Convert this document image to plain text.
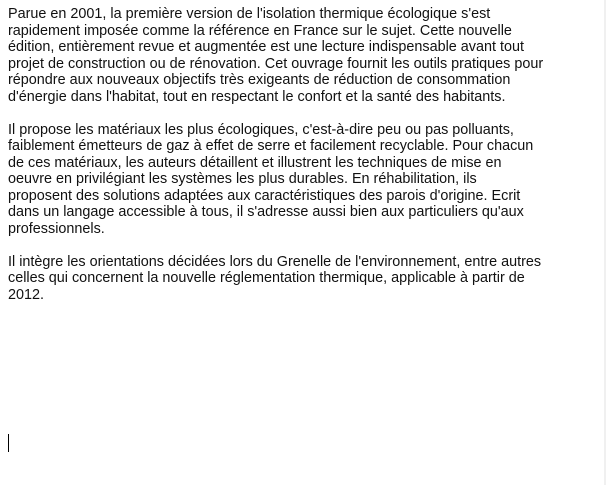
Parue en 2001, la première version de l'isolation thermique écologique s'est
rapidement imposée comme la référence en France sur le sujet. Cette nouvelle
édition, entièrement revue et augmentée est une lecture indispensable avant tout
projet de construction ou de rénovation. Cet ouvrage fournit les outils pratiques pour
répondre aux nouveaux objectifs très exigeants de réduction de consommation
d'énergie dans l'habitat, tout en respectant le confort et la santé des habitants.

Il propose les matériaux les plus écologiques, c'est-à-dire peu ou pas polluants,
faiblement émetteurs de gaz à effet de serre et facilement recyclable. Pour chacun
de ces matériaux, les auteurs détaillent et illustrent les techniques de mise en
oeuvre en privilégiant les systèmes les plus durables. En réhabilitation, ils
proposent des solutions adaptées aux caractéristiques des parois d'origine. Ecrit
dans un langage accessible à tous, il s'adresse aussi bien aux particuliers qu'aux
professionnels.

Il intègre les orientations décidées lors du Grenelle de l'environnement, entre autres
celles qui concernent la nouvelle réglementation thermique, applicable à partir de
2012.
